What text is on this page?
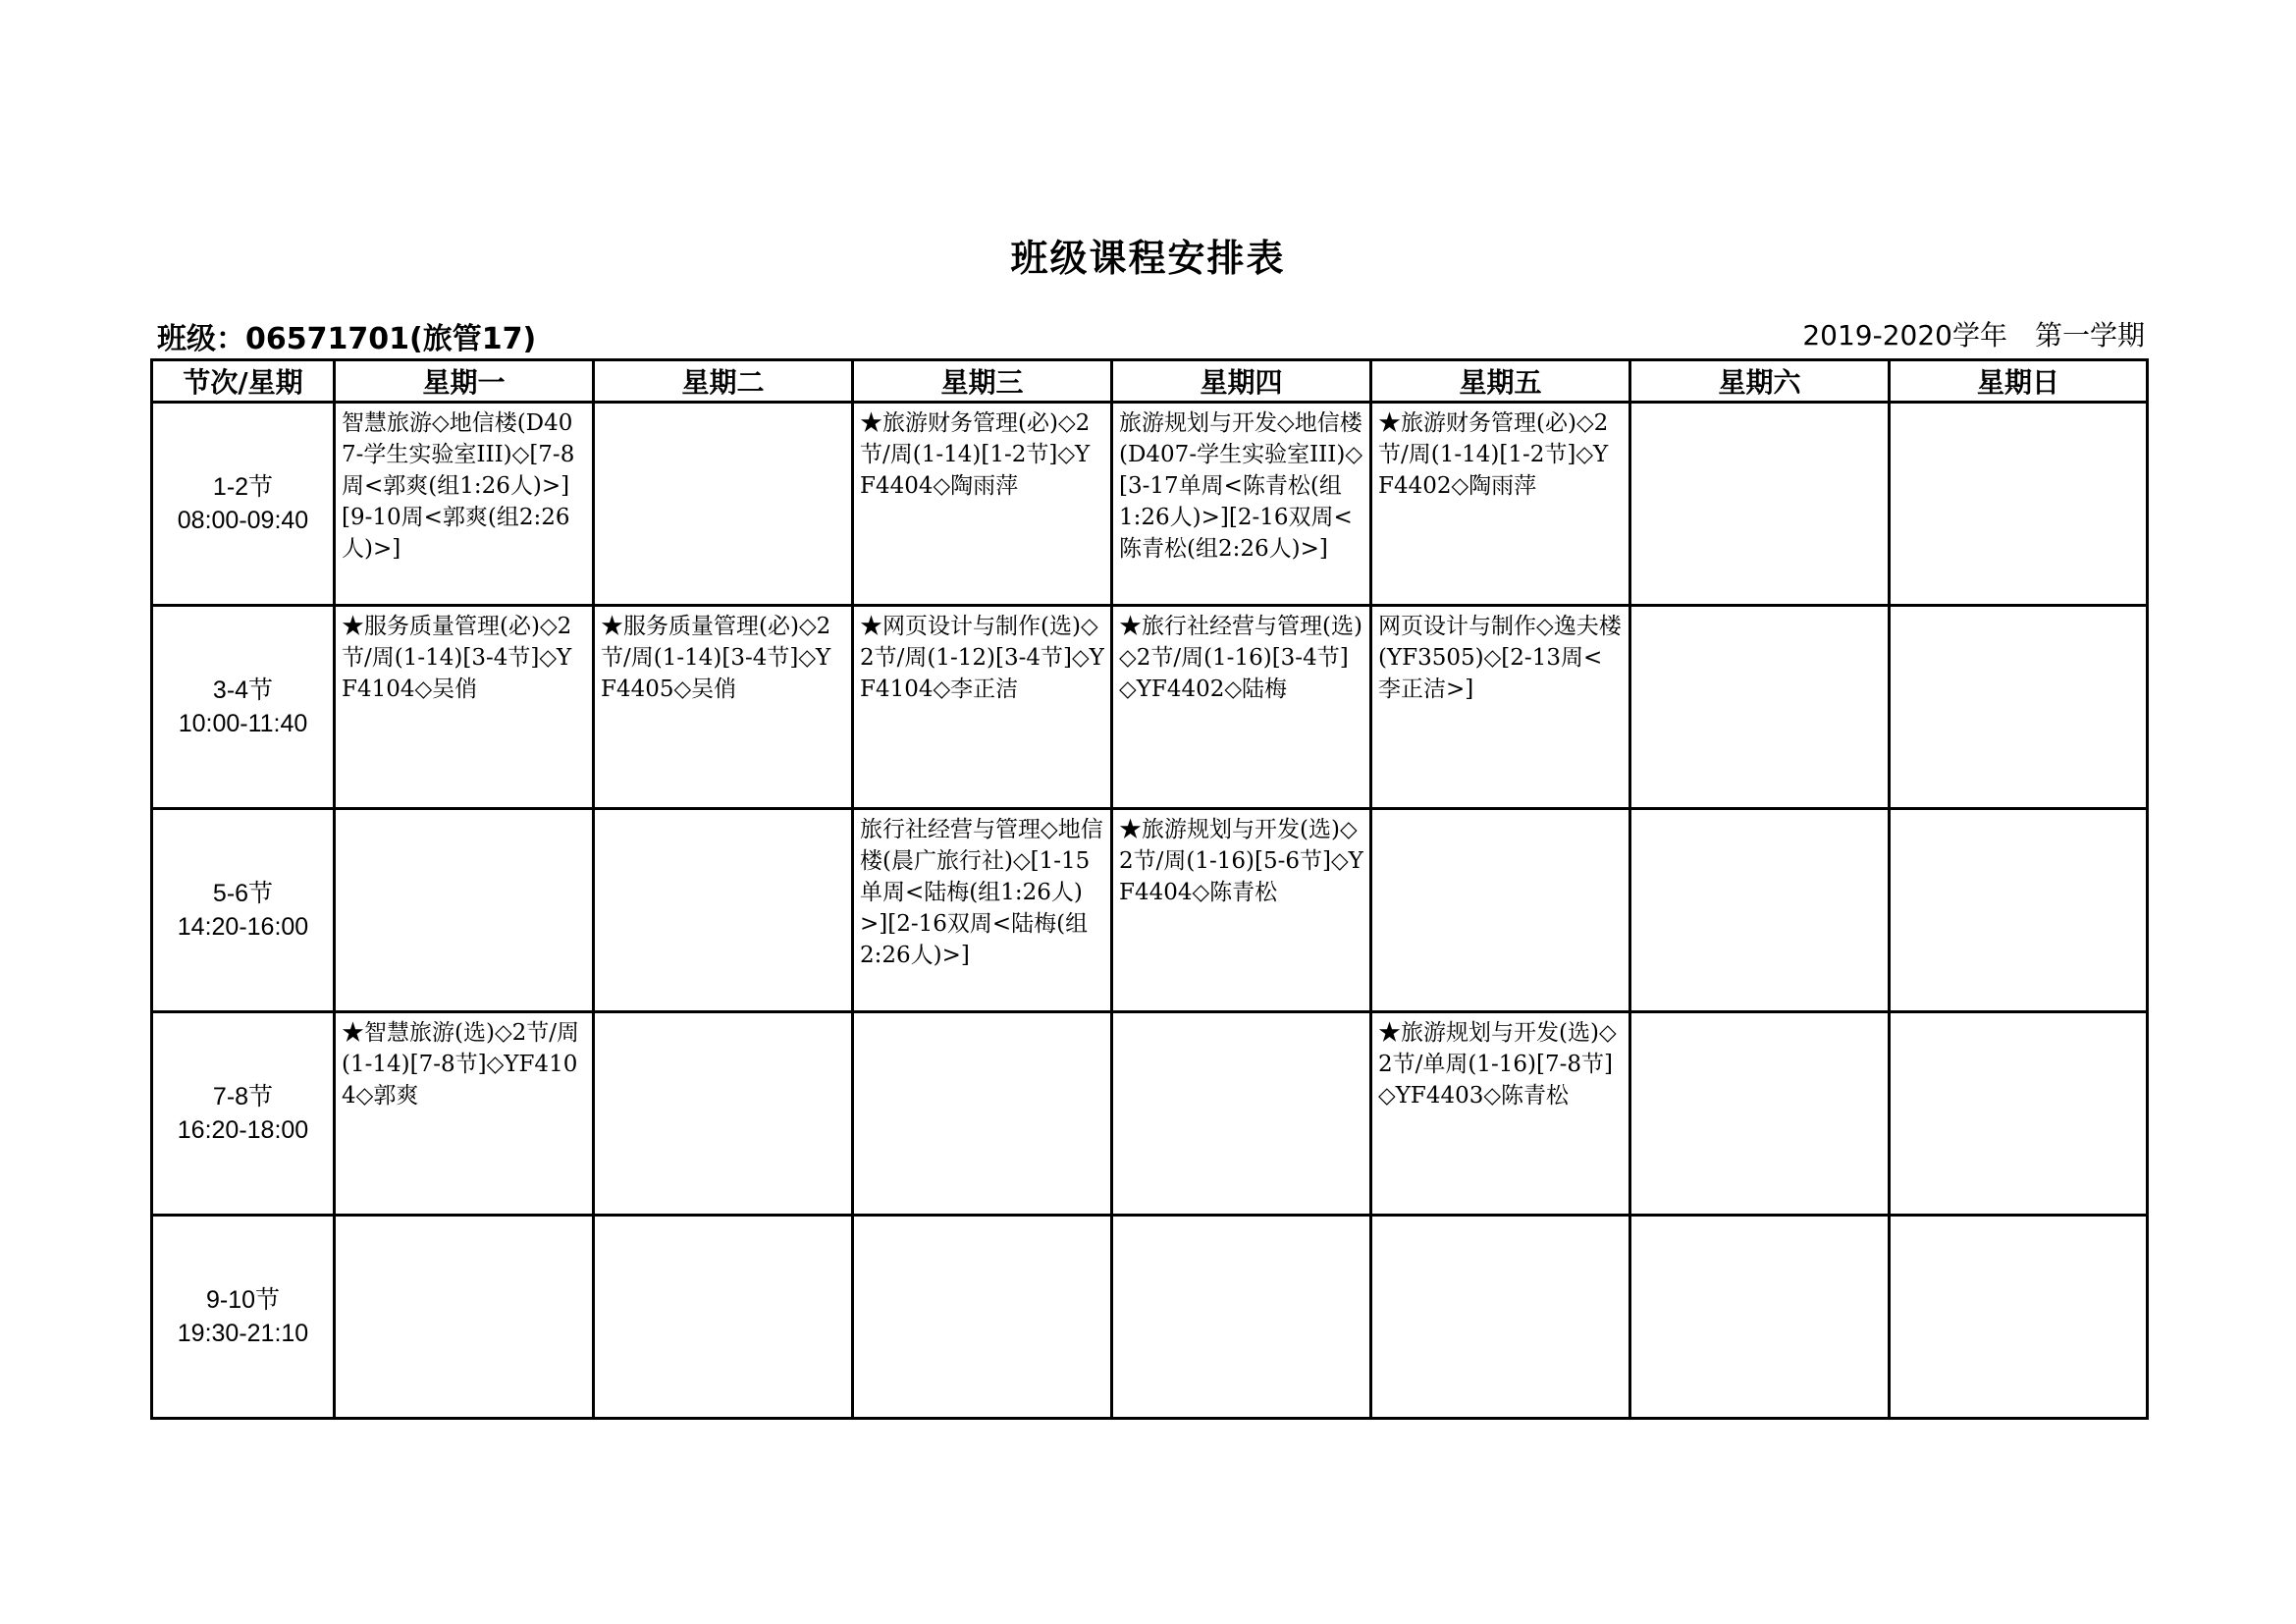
班级课程安排表
班级：06571701(旅管17)	2019-2020学年 第一学期
节次/星期	星期一	星期二	星期三	星期四	星期五	星期六	星期日

1-2节
08:00-09:40	智慧旅游◇地信楼(D407-学生实验室III)◇[7-8周<郭爽(组1:26人)>][9-10周<郭爽(组2:26人)>]		★旅游财务管理(必)◇2节/周(1-14)[1-2节]◇YF4404◇陶雨萍	旅游规划与开发◇地信楼(D407-学生实验室III)◇[3-17单周<陈青松(组1:26人)>][2-16双周<陈青松(组2:26人)>]	★旅游财务管理(必)◇2节/周(1-14)[1-2节]◇YF4402◇陶雨萍		

3-4节
10:00-11:40	★服务质量管理(必)◇2节/周(1-14)[3-4节]◇YF4104◇吴俏	★服务质量管理(必)◇2节/周(1-14)[3-4节]◇YF4405◇吴俏	★网页设计与制作(选)◇2节/周(1-12)[3-4节]◇YF4104◇李正洁	★旅行社经营与管理(选)◇2节/周(1-16)[3-4节]◇YF4402◇陆梅	网页设计与制作◇逸夫楼(YF3505)◇[2-13周<李正洁>]		

5-6节
14:20-16:00			旅行社经营与管理◇地信楼(晨广旅行社)◇[1-15单周<陆梅(组1:26人)>][2-16双周<陆梅(组2:26人)>]	★旅游规划与开发(选)◇2节/周(1-16)[5-6节]◇YF4404◇陈青松			

7-8节
16:20-18:00	★智慧旅游(选)◇2节/周(1-14)[7-8节]◇YF4104◇郭爽				★旅游规划与开发(选)◇2节/单周(1-16)[7-8节]◇YF4403◇陈青松		

9-10节
19:30-21:10							
